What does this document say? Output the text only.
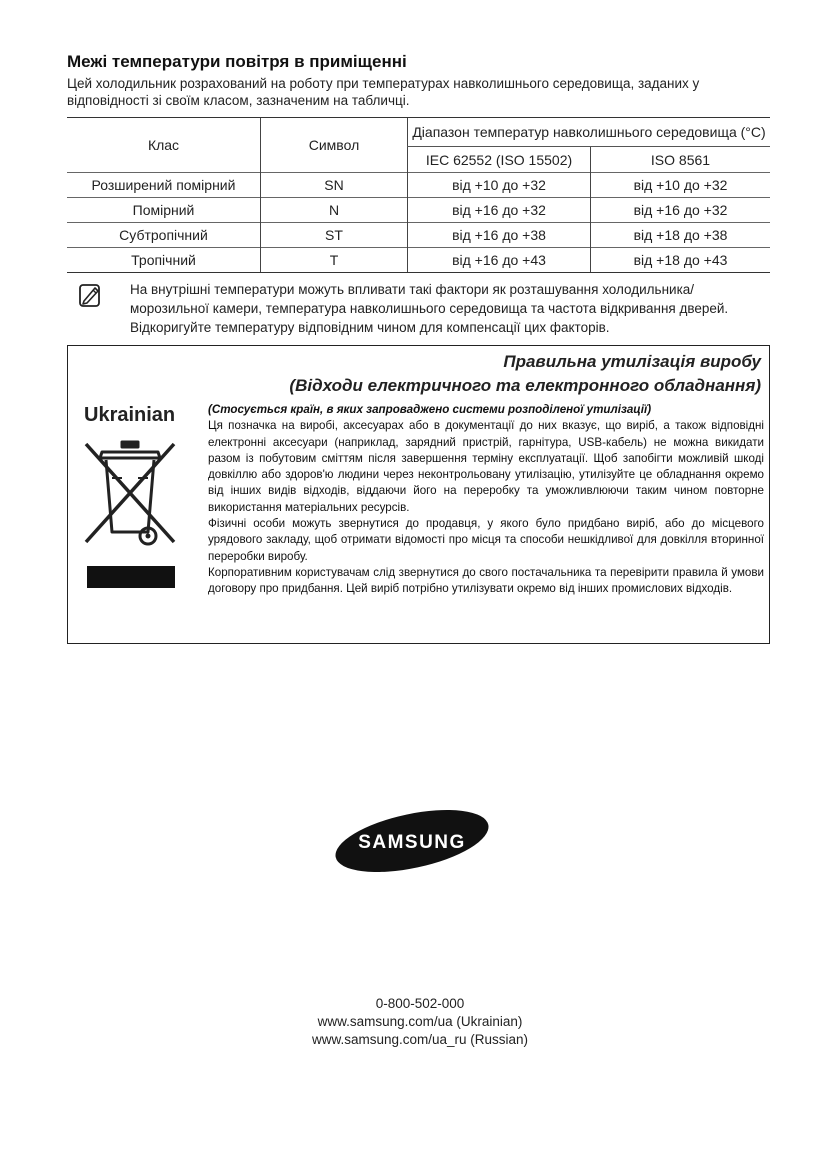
Межі температури повітря в приміщенні
Цей холодильник розрахований на роботу при температурах навколишнього середовища, заданих у відповідності зі своїм класом, зазначеним на табличці.
Клас	Символ	Діапазон температур навколишнього середовища (°C)	
		IEC 62552 (ISO 15502)	ISO 8561
Розширений помірний	SN	від +10 до +32	від +10 до +32
Помірний	N	від +16 до +32	від +16 до +32
Субтропічний	ST	від +16 до +38	від +18 до +38
Тропічний	T	від +16 до +43	від +18 до +43
На внутрішні температури можуть впливати такі фактори як розташування холодильника/ морозильної камери, температура навколишнього середовища та частота відкривання дверей. Відкоригуйте температуру відповідним чином для компенсації цих факторів.
Правильна утилізація виробу
(Відходи електричного та електронного обладнання)
Ukrainian	(Стосується країн, в яких запроваджено системи розподіленої утилізації)

Ця позначка на виробі, аксесуарах або в документації до них вказує, що виріб, а також відповідні електронні аксесуари (наприклад, зарядний пристрій, гарнітура, USB-кабель) не можна викидати разом із побутовим сміттям після завершення терміну експлуатації. Щоб запобігти можливій шкоді довкіллю або здоров'ю людини через неконтрольовану утилізацію, утилізуйте це обладнання окремо від інших видів відходів, віддаючи його на переробку та уможливлюючи таким чином повторне використання матеріальних ресурсів.

Фізичні особи можуть звернутися до продавця, у якого було придбано виріб, або до місцевого урядового закладу, щоб отримати відомості про місця та способи нешкідливої для довкілля вторинної переробки виробу.

Корпоративним користувачам слід звернутися до свого постачальника та перевірити правила й умови договору про придбання. Цей виріб потрібно утилізувати окремо від інших промислових відходів.

SAMSUNG
0-800-502-000
www.samsung.com/ua (Ukrainian)
www.samsung.com/ua_ru (Russian)
